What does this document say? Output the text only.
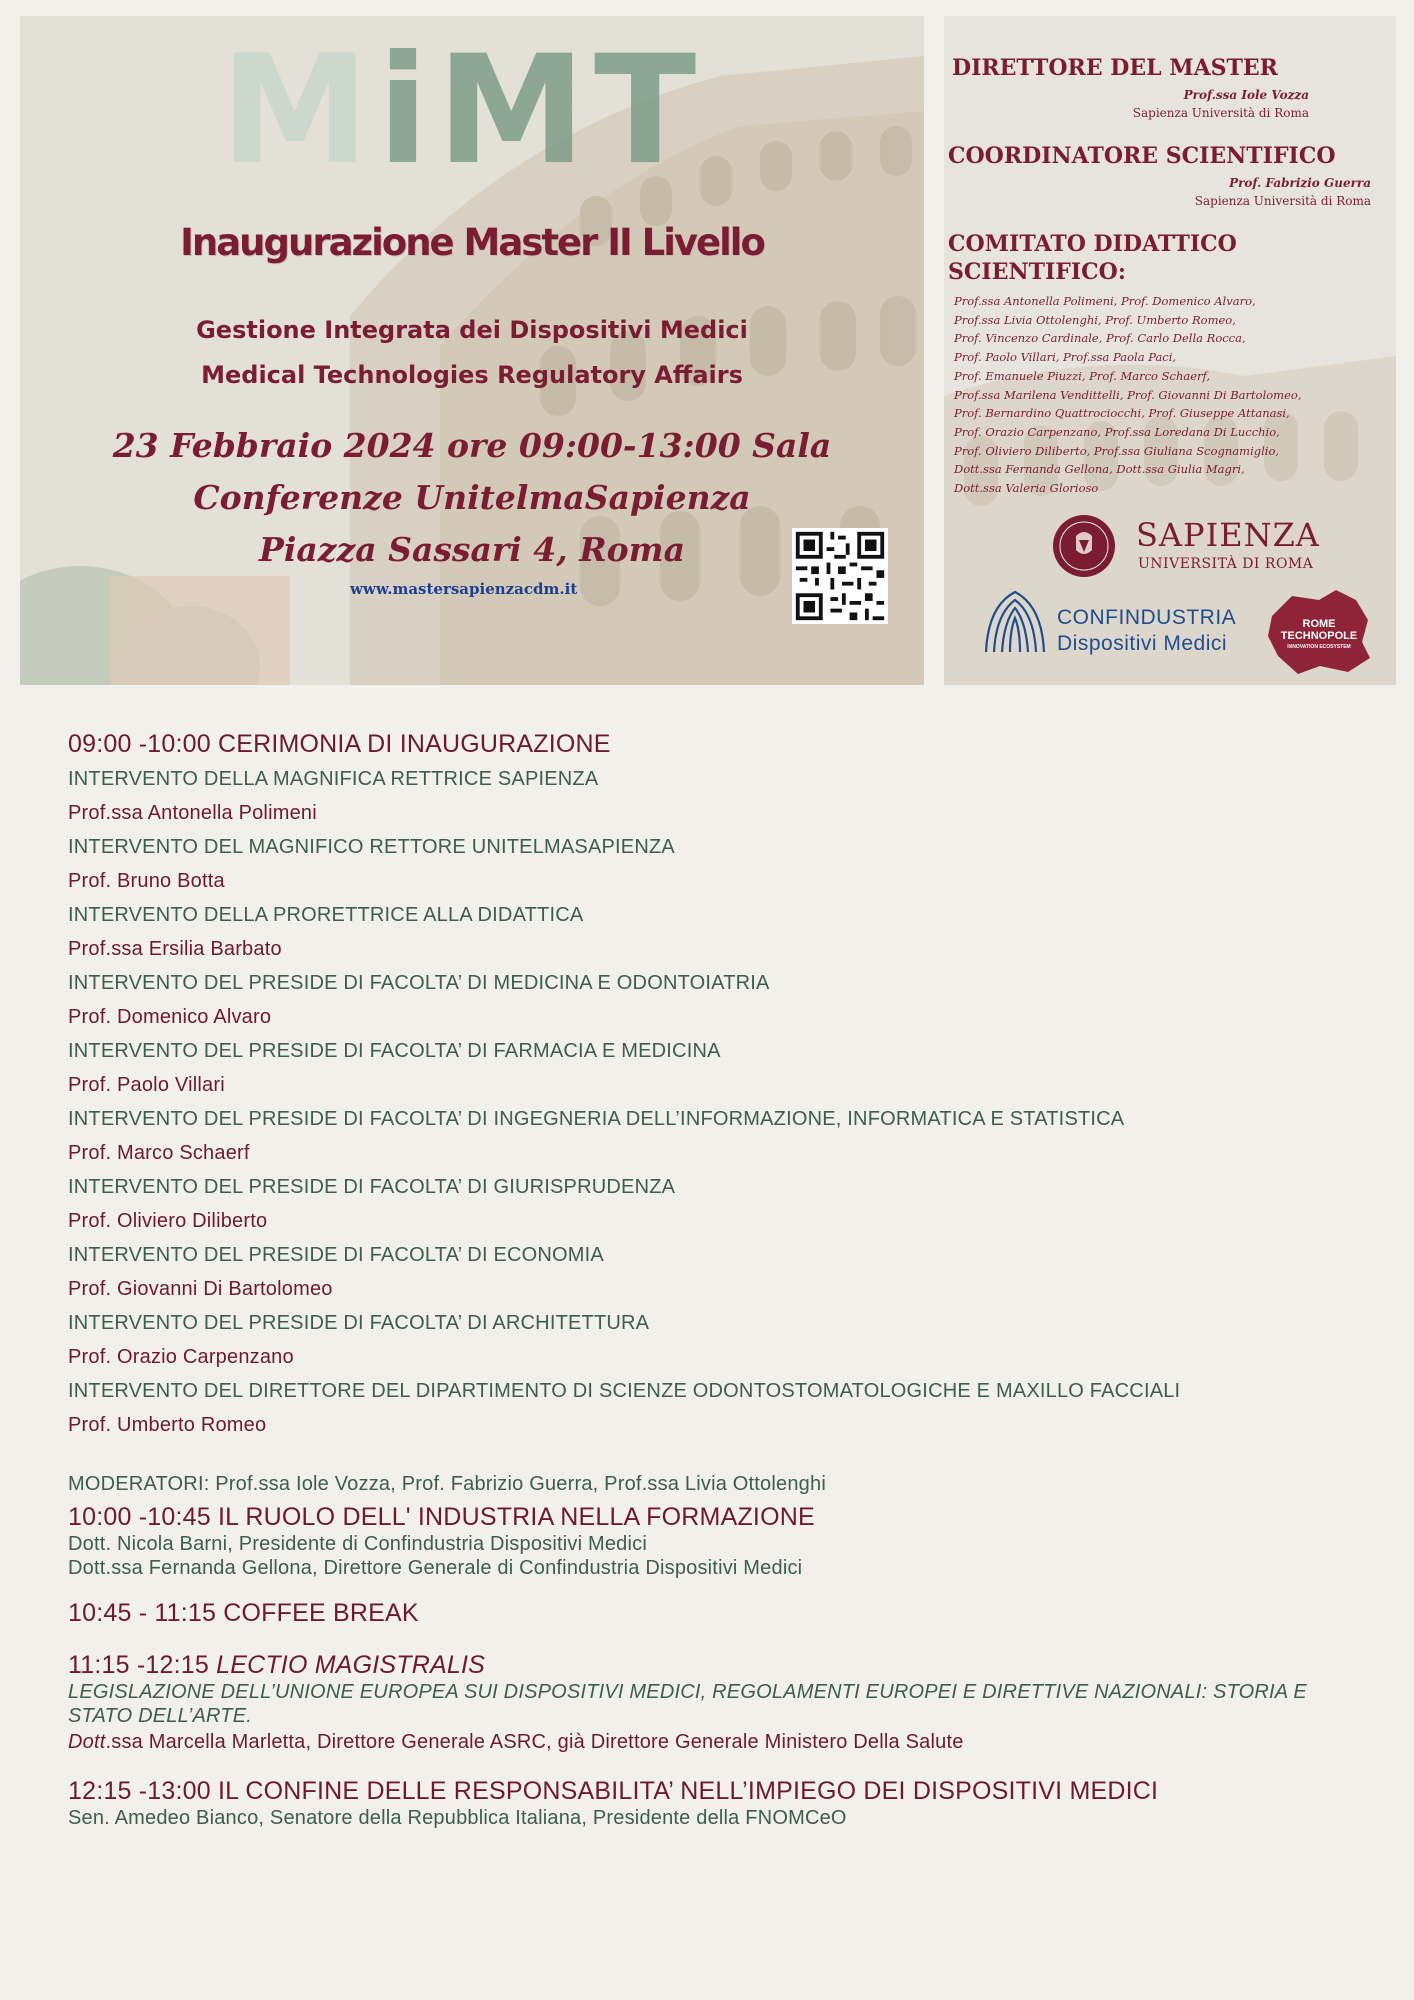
MiMT
Inaugurazione Master II Livello
Gestione Integrata dei Dispositivi Medici
Medical Technologies Regulatory Affairs
23 Febbraio 2024 ore 09:00-13:00 Sala
Conferenze UnitelmaSapienza
Piazza Sassari 4, Roma
www.mastersapienzacdm.it
DIRETTORE DEL MASTER
Prof.ssa Iole Vozza
Sapienza Università di Roma
COORDINATORE SCIENTIFICO
Prof. Fabrizio Guerra
Sapienza Università di Roma
COMITATO DIDATTICO
SCIENTIFICO:
Prof.ssa Antonella Polimeni, Prof. Domenico Alvaro,
Prof.ssa Livia Ottolenghi, Prof. Umberto Romeo,
Prof. Vincenzo Cardinale, Prof. Carlo Della Rocca,
Prof. Paolo Villari, Prof.ssa Paola Paci,
Prof. Emanuele Piuzzi, Prof. Marco Schaerf,
Prof.ssa Marilena Vendittelli, Prof. Giovanni Di Bartolomeo,
Prof. Bernardino Quattrociocchi, Prof. Giuseppe Attanasi,
Prof. Orazio Carpenzano, Prof.ssa Loredana Di Lucchio,
Prof. Oliviero Diliberto, Prof.ssa Giuliana Scognamiglio,
Dott.ssa Fernanda Gellona, Dott.ssa Giulia Magri,
Dott.ssa Valeria Glorioso
SAPIENZA
UNIVERSITÀ DI ROMA
CONFINDUSTRIA
Dispositivi Medici
ROME
TECHNOPOLE
INNOVATION ECOSYSTEM
09:00 -10:00 CERIMONIA DI INAUGURAZIONE
INTERVENTO DELLA MAGNIFICA RETTRICE SAPIENZA
Prof.ssa Antonella Polimeni
INTERVENTO DEL MAGNIFICO RETTORE UNITELMASAPIENZA
Prof. Bruno Botta
INTERVENTO DELLA PRORETTRICE ALLA DIDATTICA
Prof.ssa Ersilia Barbato
INTERVENTO DEL PRESIDE DI FACOLTA’ DI MEDICINA E ODONTOIATRIA
Prof. Domenico Alvaro
INTERVENTO DEL PRESIDE DI FACOLTA’ DI FARMACIA E MEDICINA
Prof. Paolo Villari
INTERVENTO DEL PRESIDE DI FACOLTA’ DI INGEGNERIA DELL’INFORMAZIONE, INFORMATICA E STATISTICA
Prof. Marco Schaerf
INTERVENTO DEL PRESIDE DI FACOLTA’ DI GIURISPRUDENZA
Prof. Oliviero Diliberto
INTERVENTO DEL PRESIDE DI FACOLTA’ DI ECONOMIA
Prof. Giovanni Di Bartolomeo
INTERVENTO DEL PRESIDE DI FACOLTA’ DI ARCHITETTURA
Prof. Orazio Carpenzano
INTERVENTO DEL DIRETTORE DEL DIPARTIMENTO DI SCIENZE ODONTOSTOMATOLOGICHE E MAXILLO FACCIALI
Prof. Umberto Romeo
MODERATORI: Prof.ssa Iole Vozza, Prof. Fabrizio Guerra, Prof.ssa Livia Ottolenghi
10:00 -10:45 IL RUOLO DELL' INDUSTRIA NELLA FORMAZIONE
Dott. Nicola Barni, Presidente di Confindustria Dispositivi Medici
Dott.ssa Fernanda Gellona, Direttore Generale di Confindustria Dispositivi Medici
10:45 - 11:15 COFFEE BREAK
11:15 -12:15 LECTIO MAGISTRALIS
LEGISLAZIONE DELL’UNIONE EUROPEA SUI DISPOSITIVI MEDICI, REGOLAMENTI EUROPEI E DIRETTIVE NAZIONALI: STORIA E
STATO DELL’ARTE.
Dott.ssa Marcella Marletta, Direttore Generale ASRC, già Direttore Generale Ministero Della Salute
12:15 -13:00 IL CONFINE DELLE RESPONSABILITA’ NELL’IMPIEGO DEI DISPOSITIVI MEDICI
Sen. Amedeo Bianco, Senatore della Repubblica Italiana, Presidente della FNOMCeO
